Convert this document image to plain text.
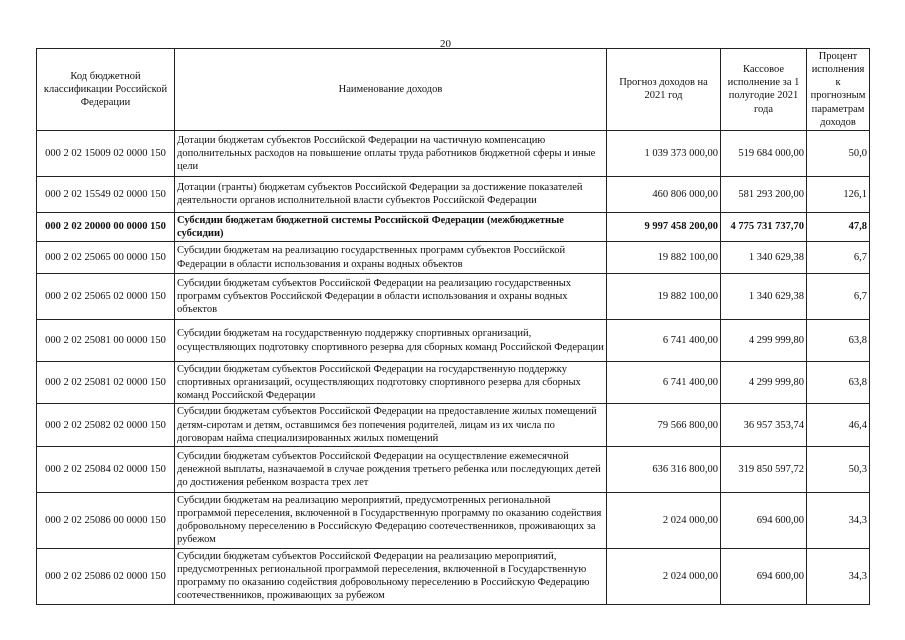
20
Код бюджетной классификации Российской Федерации	Наименование доходов	Прогноз доходов на 2021 год	Кассовое исполнение за 1 полугодие 2021 года	Процент исполнения к прогнозным параметрам доходов
000 2 02 15009 02 0000 150	Дотации бюджетам субъектов Российской Федерации на частичную компенсацию дополнительных расходов на повышение оплаты труда работников бюджетной сферы и иные цели	1 039 373 000,00	519 684 000,00	50,0
000 2 02 15549 02 0000 150	Дотации (гранты) бюджетам субъектов Российской Федерации за достижение показателей деятельности органов исполнительной власти субъектов Российской Федерации	460 806 000,00	581 293 200,00	126,1
000 2 02 20000 00 0000 150	Субсидии бюджетам бюджетной системы Российской Федерации (межбюджетные субсидии)	9 997 458 200,00	4 775 731 737,70	47,8
000 2 02 25065 00 0000 150	Субсидии бюджетам на реализацию государственных программ субъектов Российской Федерации в области использования и охраны водных объектов	19 882 100,00	1 340 629,38	6,7
000 2 02 25065 02 0000 150	Субсидии бюджетам субъектов Российской Федерации на реализацию государственных программ субъектов Российской Федерации в области использования и охраны водных объектов	19 882 100,00	1 340 629,38	6,7
000 2 02 25081 00 0000 150	Субсидии бюджетам на государственную поддержку спортивных организаций, осуществляющих подготовку спортивного резерва для сборных команд Российской Федерации	6 741 400,00	4 299 999,80	63,8
000 2 02 25081 02 0000 150	Субсидии бюджетам субъектов Российской Федерации на государственную поддержку спортивных организаций, осуществляющих подготовку спортивного резерва для сборных команд Российской Федерации	6 741 400,00	4 299 999,80	63,8
000 2 02 25082 02 0000 150	Субсидии бюджетам субъектов Российской Федерации на предоставление жилых помещений детям-сиротам и детям, оставшимся без попечения родителей, лицам из их числа по договорам найма специализированных жилых помещений	79 566 800,00	36 957 353,74	46,4
000 2 02 25084 02 0000 150	Субсидии бюджетам субъектов Российской Федерации на осуществление ежемесячной денежной выплаты, назначаемой в случае рождения третьего ребенка или последующих детей до достижения ребенком возраста трех лет	636 316 800,00	319 850 597,72	50,3
000 2 02 25086 00 0000 150	Субсидии бюджетам на реализацию мероприятий, предусмотренных региональной программой переселения, включенной в Государственную программу по оказанию содействия добровольному переселению в Российскую Федерацию соотечественников, проживающих за рубежом	2 024 000,00	694 600,00	34,3
000 2 02 25086 02 0000 150	Субсидии бюджетам субъектов Российской Федерации на реализацию мероприятий, предусмотренных региональной программой переселения, включенной в Государственную программу по оказанию содействия добровольному переселению в Российскую Федерацию соотечественников, проживающих за рубежом	2 024 000,00	694 600,00	34,3
